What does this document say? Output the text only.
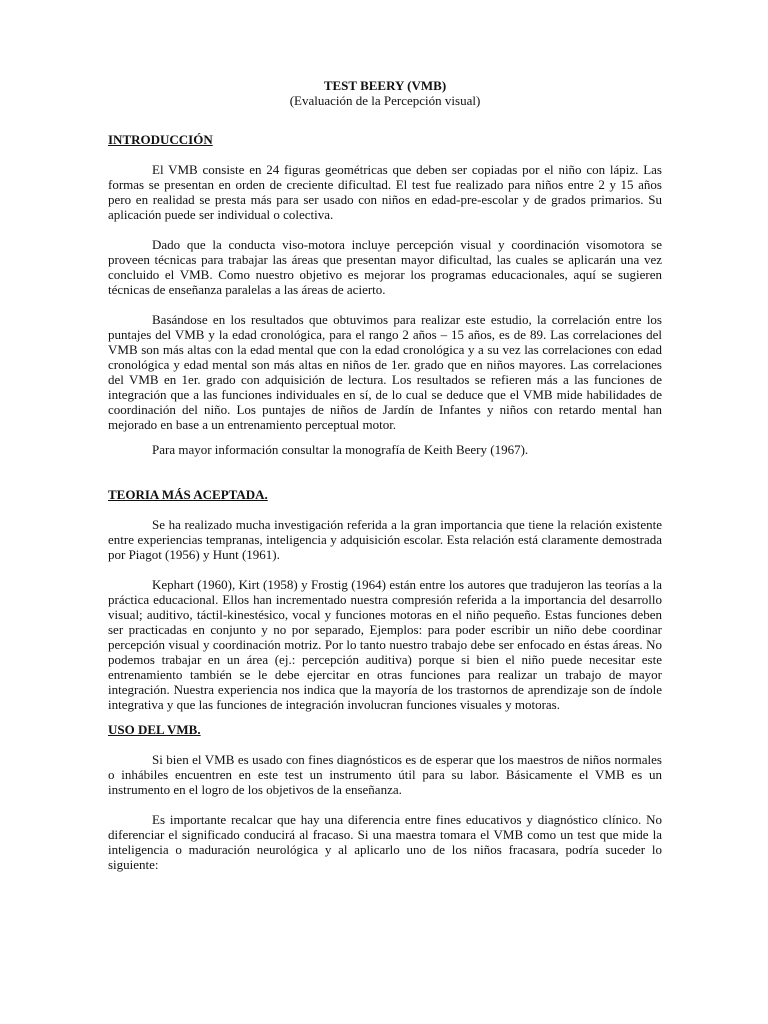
TEST BEERY (VMB)

(Evaluación de la Percepción visual)

INTRODUCCIÓN

El VMB consiste en 24 figuras geométricas que deben ser copiadas por el niño con lápiz. Las formas se presentan en orden de creciente dificultad. El test fue realizado para niños entre 2 y 15 años pero en realidad se presta más para ser usado con niños en edad-pre-escolar y de grados primarios. Su aplicación puede ser individual o colectiva.

Dado que la conducta viso-motora incluye percepción visual y coordinación visomotora se proveen técnicas para trabajar las áreas que presentan mayor dificultad, las cuales se aplicarán una vez concluido el VMB. Como nuestro objetivo es mejorar los programas educacionales, aquí se sugieren técnicas de enseñanza paralelas a las áreas de acierto.

Basándose en los resultados que obtuvimos para realizar este estudio, la correlación entre los puntajes del VMB y la edad cronológica, para el rango 2 años – 15 años, es de 89. Las correlaciones del VMB son más altas con la edad mental que con la edad cronológica y a su vez las correlaciones con edad cronológica y edad mental son más altas en niños de 1er. grado que en niños mayores. Las correlaciones del VMB en 1er. grado con adquisición de lectura. Los resultados se refieren más a las funciones de integración que a las funciones individuales en sí, de lo cual se deduce que el VMB mide habilidades de coordinación del niño. Los puntajes de niños de Jardín de Infantes y niños con retardo mental han mejorado en base a un entrenamiento perceptual motor.

Para mayor información consultar la monografía de Keith Beery (1967).

TEORIA MÁS ACEPTADA.

Se ha realizado mucha investigación referida a la gran importancia que tiene la relación existente entre experiencias tempranas, inteligencia y adquisición escolar. Esta relación está claramente demostrada por Piagot (1956) y Hunt (1961).

Kephart (1960), Kirt (1958) y Frostig (1964) están entre los autores que tradujeron las teorías a la práctica educacional. Ellos han incrementado nuestra compresión referida a la importancia del desarrollo visual; auditivo, táctil-kinestésico, vocal y funciones motoras en el niño pequeño. Estas funciones deben ser practicadas en conjunto y no por separado, Ejemplos: para poder escribir un niño debe coordinar percepción visual y coordinación motriz. Por lo tanto nuestro trabajo debe ser enfocado en éstas áreas. No podemos trabajar en un área (ej.: percepción auditiva) porque si bien el niño puede necesitar este entrenamiento también se le debe ejercitar en otras funciones para realizar un trabajo de mayor integración. Nuestra experiencia nos indica que la mayoría de los trastornos de aprendizaje son de índole integrativa y que las funciones de integración involucran funciones visuales y motoras.

USO DEL VMB.

Si bien el VMB es usado con fines diagnósticos es de esperar que los maestros de niños normales o inhábiles encuentren en este test un instrumento útil para su labor. Básicamente el VMB es un instrumento en el logro de los objetivos de la enseñanza.

Es importante recalcar que hay una diferencia entre fines educativos y diagnóstico clínico. No diferenciar el significado conducirá al fracaso. Si una maestra tomara el VMB como un test que mide la inteligencia o maduración neurológica y al aplicarlo uno de los niños fracasara, podría suceder lo siguiente:
